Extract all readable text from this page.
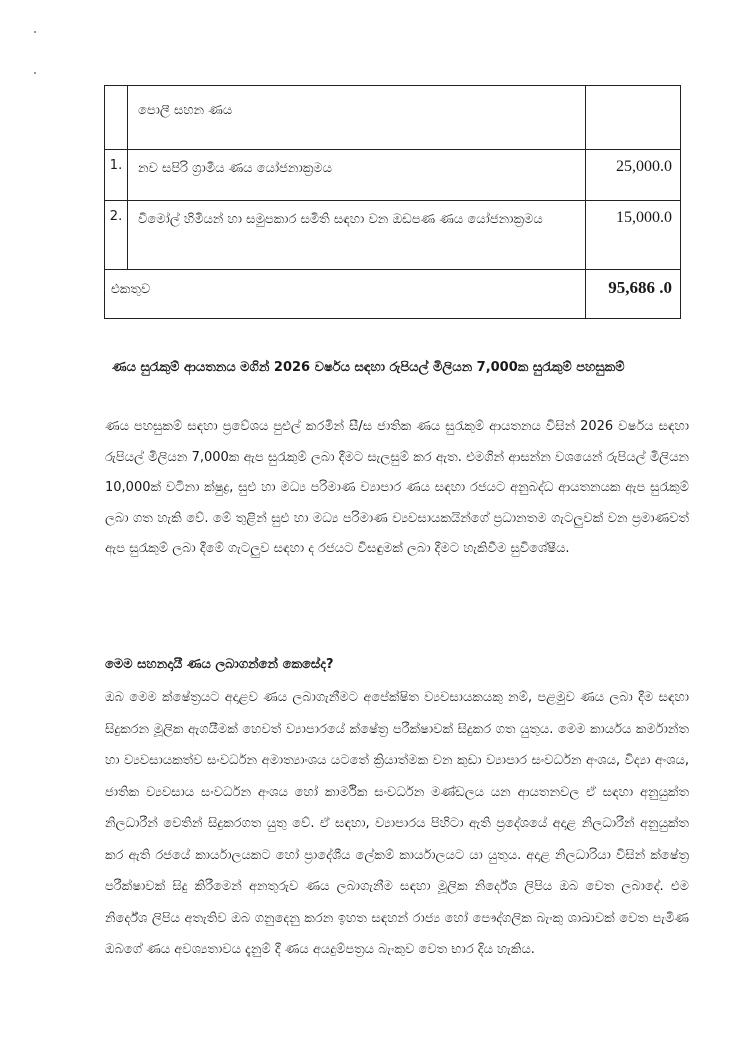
	පොලී සහන ණය	
1.	නව සපිරි ග්‍රාමීය ණය යෝජනාක්‍රමය	25,000.0
2.	විමෝල් හිමියන් හා සමුපකාර සමිති සඳහා වන ඔඩපණ ණය යෝජනාක්‍රමය	15,000.0
එකතුව		95,686 .0
ණය සුරැකුම් ආයතනය මගින් 2026 වර්ෂය සඳහා රුපියල් මිලියන 7,000ක සුරැකුම් පහසුකම්
ණය පහසුකම් සඳහා ප්‍රවේශය පුළුල් කරමින් සී/ස ජාතික ණය සුරැකුම් ආයතනය විසින් 2026 වර්ෂය සඳහා රුපියල් මිලියන 7,000ක ඇප සුරැකුම් ලබා දීමට සැලසුම් කර ඇත. එමගින් ආසන්න වශයෙන් රුපියල් මිලියන 10,000ක් වටිනා ක්ෂුද්‍ර, සුළු හා මධ්‍ය පරිමාණ ව්‍යාපාර ණය සඳහා රජයට අනුබද්ධ ආයතනයක ඇප සුරැකුම් ලබා ගත හැකි වේ. මේ තුළින් සුළු හා මධ්‍ය පරිමාණ ව්‍යවසායකයින්ගේ ප්‍රධානතම ගැටලුවක් වන ප්‍රමාණවත් ඇප සුරැකුම් ලබා දීමේ ගැටලුව සඳහා ද රජයට විසඳුමක් ලබා දීමට හැකිවීම සුවිශේෂීය.
මෙම සහනදායී ණය ලබාගන්නේ කෙසේද?
ඔබ මෙම ක්ෂේත්‍රයට අදාළව ණය ලබාගැනීමට අපේක්ෂිත ව්‍යවසායකයකු නම්, පළමුව ණය ලබා දීම සඳහා සිදුකරන මූලික ඇගයීමක් හෙවත් ව්‍යාපාරයේ ක්ෂේත්‍ර පරීක්ෂාවක් සිදුකර ගත යුතුය. මෙම කාර්යය කර්මාන්ත හා ව්‍යවසායකත්ව සංවර්ධන අමාත්‍යාංශය යටතේ ක්‍රියාත්මක වන කුඩා ව්‍යාපාර සංවර්ධන අංශය, විද්‍යා අංශය, ජාතික ව්‍යවසාය සංවර්ධන අංශය හෝ කාර්මික සංවර්ධන මණ්ඩලය යන ආයතනවල ඒ සඳහා අනුයුක්ත නිලධාරීන් වෙතින් සිදුකරගත යුතු වේ. ඒ සඳහා, ව්‍යාපාරය පිහිටා ඇති ප්‍රදේශයේ අදාළ නිලධාරීන් අනුයුක්ත කර ඇති රජයේ කාර්යාලයකට හෝ ප්‍රාදේශීය ලේකම් කාර්යාලයට යා යුතුය. අදාළ නිලධාරියා විසින් ක්ෂේත්‍ර පරීක්ෂාවක් සිදු කිරීමෙන් අනතුරුව ණය ලබාගැනීම සඳහා මූලික නිර්දේශ ලිපිය ඔබ වෙත ලබාදේ. එම නිර්දේශ ලිපිය අතැතිව ඔබ ගනුදෙනු කරන ඉහත සඳහන් රාජ්‍ය හෝ පෞද්ගලික බැංකු ශාඛාවක් වෙත පැමිණ ඔබගේ ණය අවශ්‍යතාවය දැනුම් දී ණය අයදුම්පත්‍රය බැංකුව වෙත භාර දිය හැකිය.
